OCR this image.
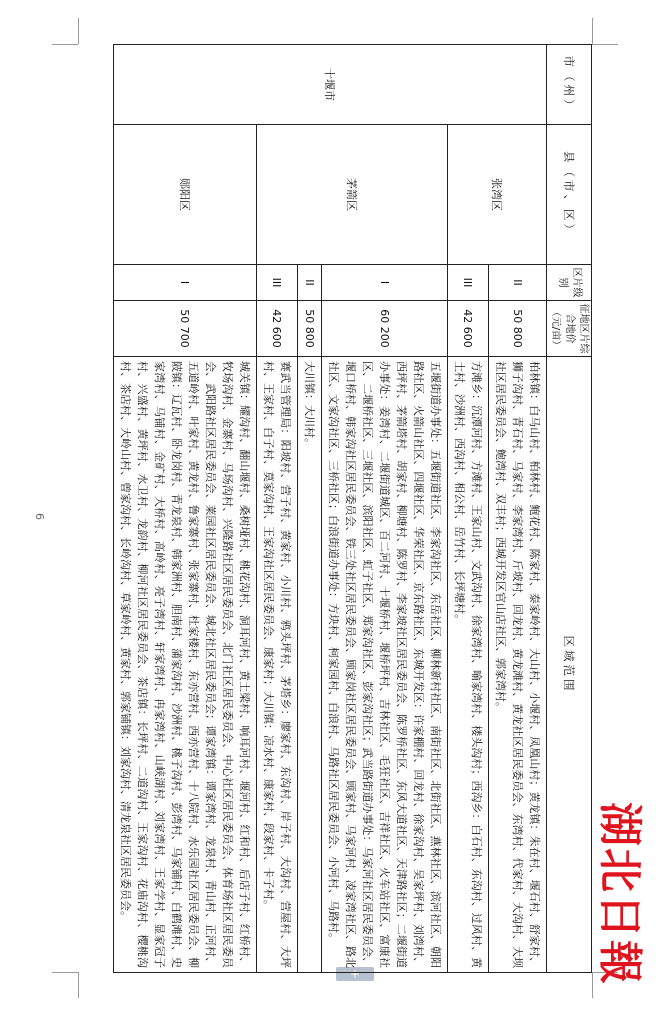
6
+
市（州）	县（市、区）	区片级别	征地区片综合地价（元/亩）	区域范围
十堰市	张湾区	II	50 800	柏林镇：白马山村、柏林村、鲍花村、陈家村、泰家岭村、大山村、小堰村、凤凰山村；黄龙镇：朱在村、堰石村、舒家村、狮子沟村、青石村、马家村、李家湾村、斤坡村、回龙村、黄龙滩村、黄龙社区居民委员会、东湾村、代家村、大沟村、大坝社区居民委员会、鲍湾村、双丰村；西城开发区官山店社区、郭家湾村。
		III	42 600	方滩乡：沉潭河村、方滩村、王家山村、文武沟村、徐家湾村、喻家湾村、楼头沟村；西沟乡：白石村、东沟村、过风村、黄土村、沙洲村、西沟村、相公村、岳竹村、长坪塘村。
	茅箭区	I	60 200	五堰街道办事处：五堰街道社区、李家沟社区、东岳社区、柳林新村社区、南街社区、北街社区、燕林社区、滨河社区、朝阳路社区、火箭山社区、四堰社区、华荣社区、京东路社区、东城开发区：许家棚村、回龙村、徐家沟村、吴家坪村、刘湾村、西坪村、茅箭塔村、胡家村、柳塘村、陈罗村、李家坡社区居民委员会、陈罗桥社区、东风大道社区、天津路社区；二堰街道办事处：姜湾村、二堰街道城区、百二河村、十堰桥村、堰桥坪村、吉林社区、毛狂社区、吉祥社区、火车站社区、富康社区、二堰桥社区、三堰社区、滨阳社区、虹子社区、郑家沟社区、彭家沟社区；武当路街道办事处：马家河社区居民委员会、堰口桥村、韩家沟社区居民委员会、铁三处社区居民委员会、顾家岗社区居民委员会、顾家村、马家河村、凌家湾社区、路北社区、文家沟社区、三桥社区；白浪街道办事处：方块村、柯家园村、白浪村、马路社区居民委员会、小河村、马路村。
		II	50 800	大川镇：大川村。
		III	42 600	赛武当管理局：阳坡村、营子村、黄家村、小川村、鸦头坪村、茅塔乡：廖家村、东沟村、岸子村、大沟村、营屋村、大坪村、王家村、白子村、莫家沟村、王家沟社区居民委员会、康家村；大川镇：凉水村、康家村、段家村、卡子村。
	郧阳区	I	50 700	城关镇：耀沟村、翻山堰村、桑树垭村、桃花沟村、洞耳河村、黄土梁村、响耳河村、堰河村、红和村、后店子村、红桥村、牧场沟村、金寨村、马场沟村、兴隆路社区居民委员会、北门社区居民委员会、中心社区居民委员会、体育场社区居民委员会、武阳路社区居民委员会、莱园社区居民委员会、城北社区居民委员会；谭家湾镇：谭家湾村、龙泉村、青山村、正河村、五道岭村、叶家村、黄龙村、鲁家寨村、张家寨村、杜家楼村、东亦营村、西亦营村、十八院村、水乐园社区居民委员会、柳陂镇：辽瓦村、卧龙岗村、青龙泉村、韩家洲村、胆南村、蒲家沟村、沙洲村、桃子沟村、彭湾村、马家铺村、白鹤滩村、史家湾村、马铺村、金矿村、大桥村、高岭村、亮子湾村、轩家湾村、冉家湾村、山峡湖村、刘家湾村、王家学村、显家冠子村、兴盛村、黄坪村、水卫村、龙韵村、柳河社区居民委员会、茶店镇：长坪村、二道沟村、王家沟村、花庙沟村、樱桃沟村、茶店村、大岭山村、曾家沟村、长岭沟村、草家岭村、黄家村、郭家铺镇：刘家沟村、清龙泉社区居民委员会。	湖
北
日
報
